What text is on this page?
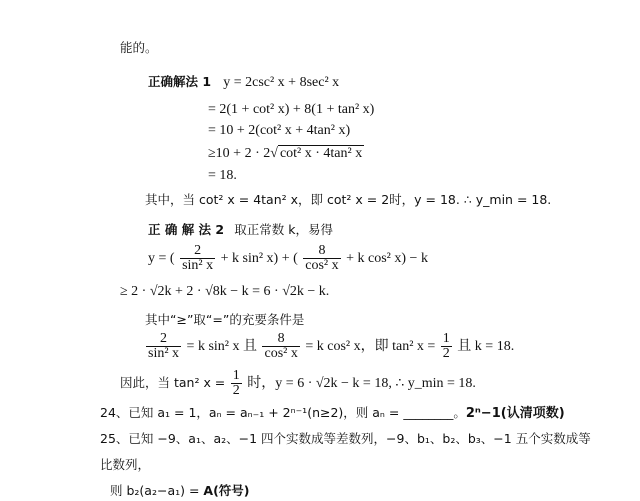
能的。
正确解法 1 y = 2csc² x + 8sec² x
= 2(1 + cot² x) + 8(1 + tan² x)
= 10 + 2(cot² x + 4tan² x)
≥10 + 2 · 2√ cot² x · 4tan² x
= 18.
其中，当 cot² x = 4tan² x，即 cot² x = 2时，y = 18. ∴ y_min = 18.
正 确 解 法 2 取正常数 k，易得
y = ( $\frac{2}{\text{sin² x}} + k$ sin² x) + ( $\frac{8}{\text{cos² x}} + k$ cos² x) − k
≥ 2 · √2k + 2 · √8k − k = 6 · √2k − k.
其中“≥”取“=”的充要条件是
$\frac{2}{\text{sin² x}} = k$ sin² x 且 $\frac{8}{\text{cos² x}} = k$ cos² x，即 tan² $x = \frac{1}{2}$ 且 k = 18.
因此，当 tan² $x = \frac{1}{2}$ 时，y = 6 · √2k − k = 18, ∴ y_min = 18.
24、已知 a₁ = 1，aₙ = aₙ₋₁ + 2ⁿ⁻¹(n≥2)，则 aₙ = ________。2ⁿ−1(认清项数)
25、已知 −9、a₁、a₂、−1 四个实数成等差数列，−9、b₁、b₂、b₃、−1 五个实数成等
比数列，
则 b₂(a₂−a₁) = A(符号)
